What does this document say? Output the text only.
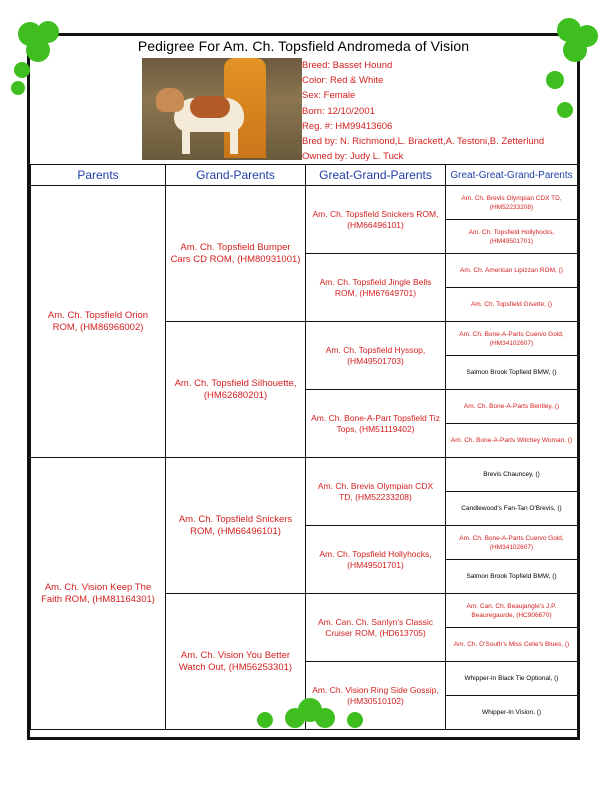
Pedigree For Am. Ch. Topsfield Andromeda of Vision
Breed: Basset Hound
Color: Red & White
Sex: Female
Born: 12/10/2001
Reg. #: HM99413606
Bred by: N. Richmond,L. Brackett,A. Testoni,B. Zetterlund
Owned by: Judy L. Tuck
Parents	Grand-Parents	Great-Grand-Parents	Great-Great-Grand-Parents
Am. Ch. Topsfield Orion ROM, (HM86966002)	Am. Ch. Topsfield Bumper Cars CD ROM, (HM80931001)	Am. Ch. Topsfield Snickers ROM, (HM66496101)	Am. Ch. Brevis Olympian CDX TD, (HM52233208)
			Am. Ch. Topsfield Hollyhocks, (HM49501701)
		Am. Ch. Topsfield Jingle Bells ROM, (HM67649701)	Am. Ch. American Lipizzan ROM, ()
			Am. Ch. Topsfield Gisette, ()
	Am. Ch. Topsfield Silhouette, (HM62680201)	Am. Ch. Topsfield Hyssop, (HM49501703)	Am. Ch. Bone-A-Parts Cuervo Gold, (HM34102607)
			Salmon Brook Topfield BMW, ()
		Am. Ch. Bone-A-Part Topsfield Tiz Tops, (HM51119402)	Am. Ch. Bone-A-Parts Bentley, ()
			Am. Ch. Bone-A-Parts Witchey Woman, ()
Am. Ch. Vision Keep The Faith ROM, (HM81164301)	Am. Ch. Topsfield Snickers ROM, (HM66496101)	Am. Ch. Brevis Olympian CDX TD, (HM52233208)	Brevis Chauncey, ()
			Candlewood's Fan-Tan O'Brevis, ()
		Am. Ch. Topsfield Hollyhocks, (HM49501701)	Am. Ch. Bone-A-Parts Cuervo Gold, (HM34102607)
			Salmon Brook Topfield BMW, ()
	Am. Ch. Vision You Better Watch Out, (HM56253301)	Am. Can. Ch. Sanlyn's Classic Cruiser ROM, (HD613705)	Am. Can. Ch. Beaujangle's J.P. Beauregaurde, (HC906670)
			Am. Ch. O'South's Miss Celie's Blues, ()
		Am. Ch. Vision Ring Side Gossip, (HM30510102)	Whipper-In Black Tie Optional, ()
			Whipper-In Vision, ()
